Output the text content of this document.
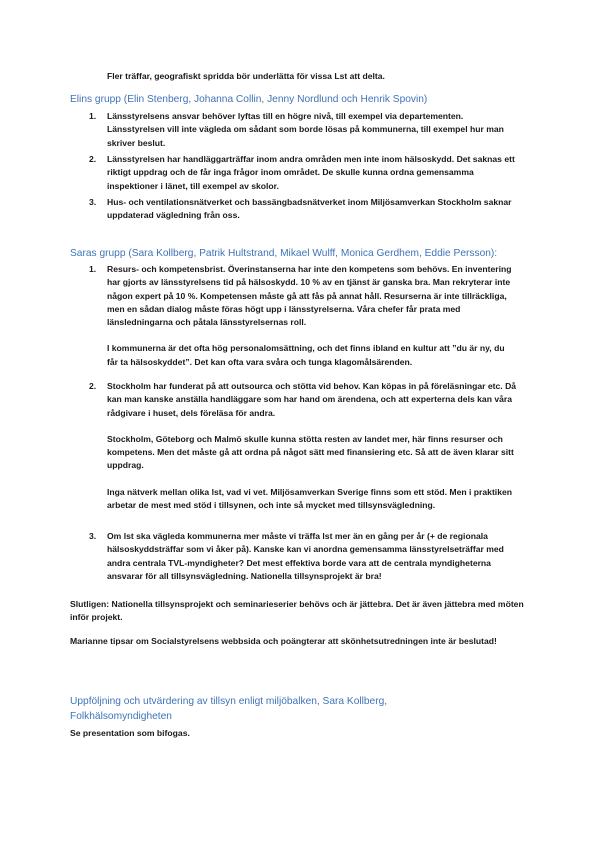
Fler träffar, geografiskt spridda bör underlätta för vissa Lst att delta.

Elins grupp (Elin Stenberg, Johanna Collin, Jenny Nordlund och Henrik Spovin)

1.	Länsstyrelsens ansvar behöver lyftas till en högre nivå, till exempel via departementen. Länsstyrelsen vill inte vägleda om sådant som borde lösas på kommunerna, till exempel hur man skriver beslut.

2.	Länsstyrelsen har handläggarträffar inom andra områden men inte inom hälsoskydd. Det saknas ett riktigt uppdrag och de får inga frågor inom området. De skulle kunna ordna gemensamma inspektioner i länet, till exempel av skolor.

3.	Hus- och ventilationsnätverket och bassängbadsnätverket inom Miljösamverkan Stockholm saknar uppdaterad vägledning från oss.

Saras grupp (Sara Kollberg, Patrik Hultstrand, Mikael Wulff, Monica Gerdhem, Eddie Persson):

1.	Resurs- och kompetensbrist. Överinstanserna har inte den kompetens som behövs. En inventering har gjorts av länsstyrelsens tid på hälsoskydd. 10 % av en tjänst är ganska bra. Man rekryterar inte någon expert på 10 %. Kompetensen måste gå att fås på annat håll. Resurserna är inte tillräckliga, men en sådan dialog måste föras högt upp i länsstyrelserna. Våra chefer får prata med länsledningarna och påtala länsstyrelsernas roll.

I kommunerna är det ofta hög personalomsättning, och det finns ibland en kultur att ”du är ny, du får ta hälsoskyddet”. Det kan ofta vara svåra och tunga klagomålsärenden.

2.	Stockholm har funderat på att outsourca och stötta vid behov. Kan köpas in på föreläsningar etc. Då kan man kanske anställa handläggare som har hand om ärendena, och att experterna dels kan våra rådgivare i huset, dels föreläsa för andra.

Stockholm, Göteborg och Malmö skulle kunna stötta resten av landet mer, här finns resurser och kompetens. Men det måste gå att ordna på något sätt med finansiering etc. Så att de även klarar sitt uppdrag.

Inga nätverk mellan olika lst, vad vi vet. Miljösamverkan Sverige finns som ett stöd. Men i praktiken arbetar de mest med stöd i tillsynen, och inte så mycket med tillsynsvägledning.

3.	Om lst ska vägleda kommunerna mer måste vi träffa lst mer än en gång per år (+ de regionala hälsoskyddsträffar som vi åker på). Kanske kan vi anordna gemensamma länsstyrelseträffar med andra centrala TVL-myndigheter? Det mest effektiva borde vara att de centrala myndigheterna ansvarar för all tillsynsvägledning. Nationella tillsynsprojekt är bra!

Slutligen: Nationella tillsynsprojekt och seminarieserier behövs och är jättebra. Det är även jättebra med möten inför projekt.

Marianne tipsar om Socialstyrelsens webbsida och poängterar att skönhetsutredningen inte är beslutad!

Uppföljning och utvärdering av tillsyn enligt miljöbalken, Sara Kollberg,

Folkhälsomyndigheten

Se presentation som bifogas.
